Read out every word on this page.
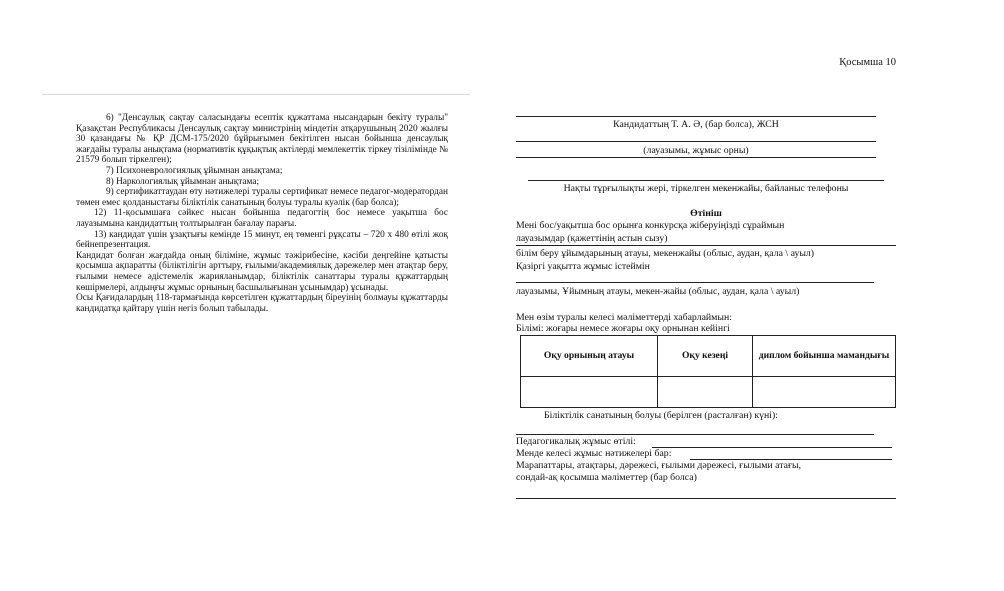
Қосымша 10

6) "Денсаулық сақтау саласындағы есептік құжаттама нысандарын бекіту туралы" Қазақстан Республикасы Денсаулық сақтау министрінің міндетін атқарушының 2020 жылғы 30 қазандағы № ҚР ДСМ-175/2020 бұйрығымен бекітілген нысан бойынша денсаулық жағдайы туралы анықтама (нормативтік құқықтық актілерді мемлекеттік тіркеу тізілімінде № 21579 болып тіркелген);

7) Психоневрологиялық ұйымнан анықтама;

8) Наркологиялық ұйымнан анықтама;

9) сертификаттаудан өту нәтижелері туралы сертификат немесе педагог-модератордан төмен емес қолданыстағы біліктілік санатының болуы туралы куәлік (бар болса);

12) 11-қосымшаға сәйкес нысан бойынша педагогтің бос немесе уақытша бос лауазымына кандидаттың толтырылған бағалау парағы.

13) кандидат үшін ұзақтығы кемінде 15 минут, ең төменгі рұқсаты – 720 x 480 өтілі жоқ бейнепрезентация.

Кандидат болған жағдайда оның біліміне, жұмыс тәжірибесіне, кәсіби деңгейіне қатысты қосымша ақпаратты (біліктілігін арттыру, ғылыми/академиялық дәрежелер мен атақтар беру, ғылыми немесе әдістемелік жарияланымдар, біліктілік санаттары туралы құжаттардың көшірмелері, алдыңғы жұмыс орнының басшылығынан ұсынымдар) ұсынады.

Осы Қағидалардың 118-тармағында көрсетілген құжаттардың біреуінің болмауы құжаттарды кандидатқа қайтару үшін негіз болып табылады.

Кандидаттың Т. А. Ә, (бар болса), ЖСН
(лауазымы, жұмыс орны)
Нақты тұрғылықты жері, тіркелген мекенжайы, байланыс телефоны
Өтініш
Мені бос/уақытша бос орынға конкурсқа жіберуіңізді сұраймын
лауазымдар (қажеттінің астын сызу)
білім беру ұйымдарының атауы, мекенжайы (облыс, аудан, қала \ ауыл)
Қазіргі уақытта жұмыс істеймін
лауазымы, Ұйымның атауы, мекен-жайы (облыс, аудан, қала \ ауыл)
Мен өзім туралы келесі мәліметтерді хабарлаймын:
Білімі: жоғары немесе жоғары оқу орнынан кейінгі
Оқу орнының атауы	Оқу кезеңі	диплом бойынша мамандығы

Біліктілік санатының болуы (берілген (расталған) күні):
Педагогикалық жұмыс өтілі:
Менде келесі жұмыс нәтижелері бар:
Марапаттары, атақтары, дәрежесі, ғылыми дәрежесі, ғылыми атағы,
сондай-ақ қосымша мәліметтер (бар болса)
